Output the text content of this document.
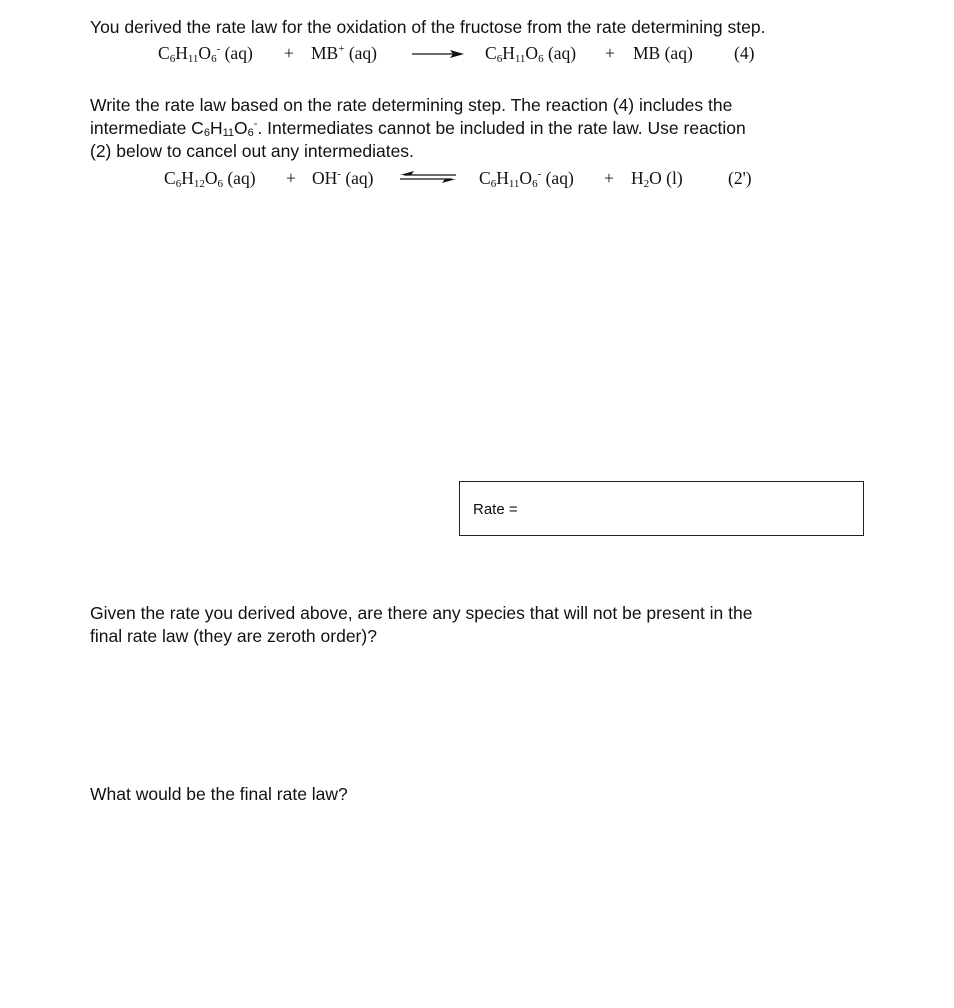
You derived the rate law for the oxidation of the fructose from the rate determining step.
$C_6H_{11}O_6^-$ (aq) + MB+ (aq)	$C_6H_{11}O_6$ (aq) + MB (aq) (4)
Write the rate law based on the rate determining step. The reaction (4) includes the
intermediate $C_6H_{11}O_6^-$. Intermediates cannot be included in the rate law. Use reaction
(2) below to cancel out any intermediates.
$C_6H_{12}O_6$ (aq) + OH- (aq) ⇌ $C_6H_{11}O_6^-$ $(aq) + H_2O$ (l)	(2')
Rate =
Given the rate you derived above, are there any species that will not be present in the
final rate law (they are zeroth order)?
What would be the final rate law?
